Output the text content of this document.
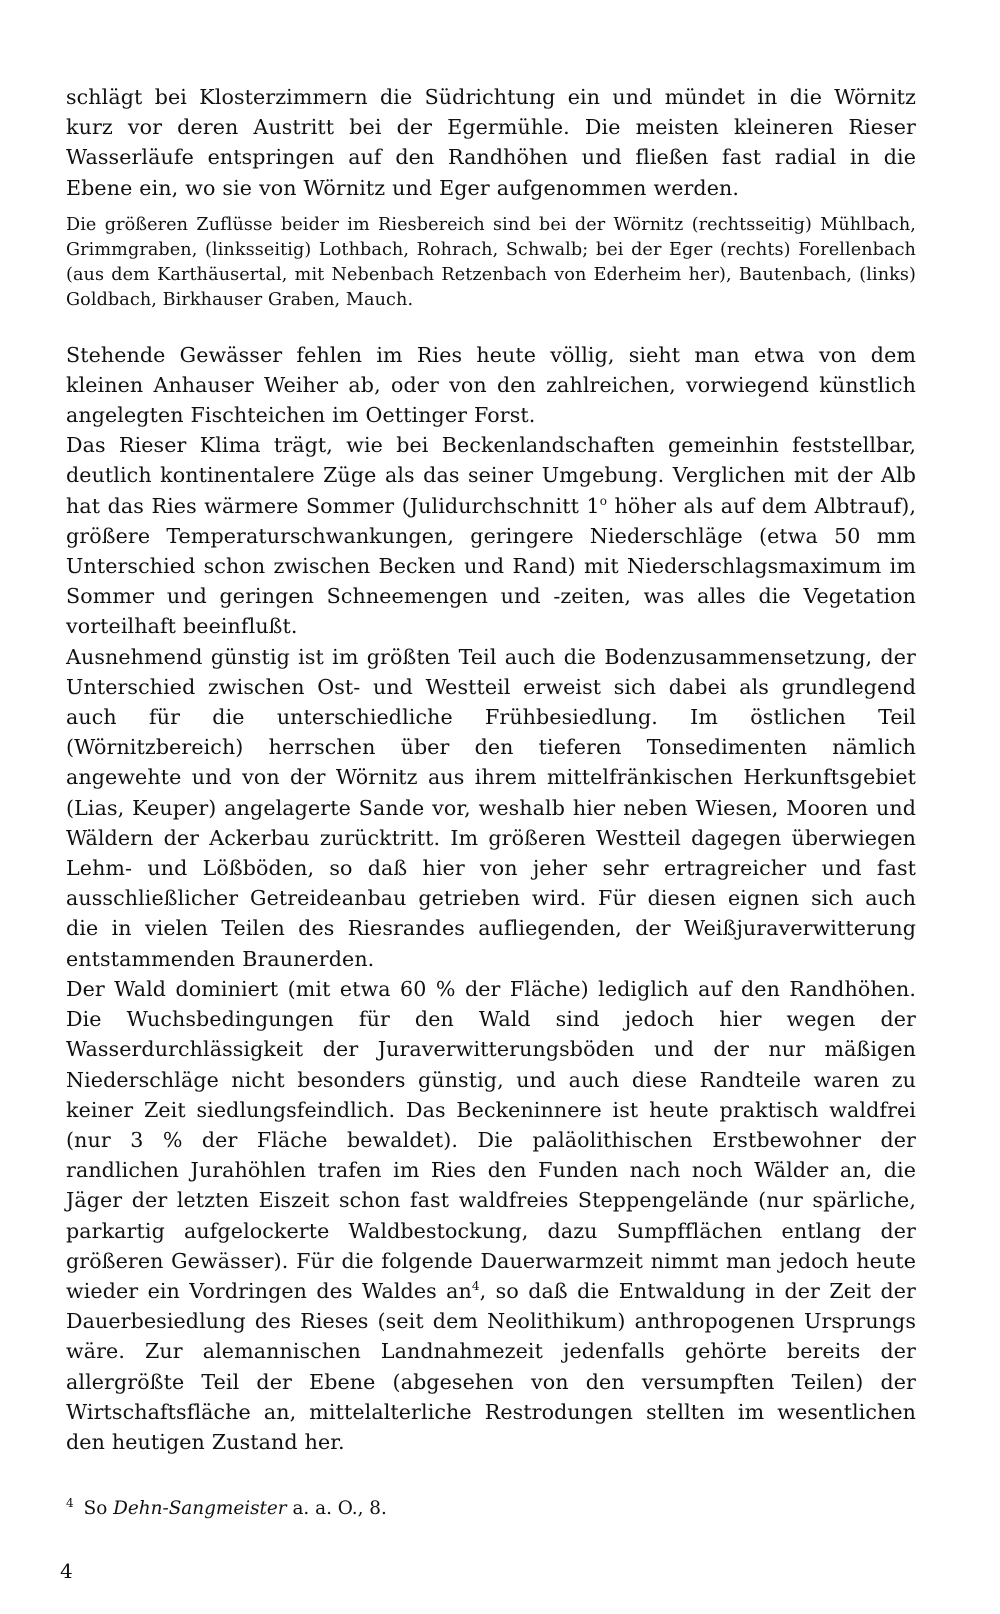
schlägt bei Klosterzimmern die Südrichtung ein und mündet in die Wörnitz kurz vor deren Austritt bei der Egermühle. Die meisten kleineren Rieser Wasserläufe entspringen auf den Randhöhen und fließen fast radial in die Ebene ein, wo sie von Wörnitz und Eger aufgenommen werden.

Die größeren Zuflüsse beider im Riesbereich sind bei der Wörnitz (rechtsseitig) Mühlbach, Grimmgraben, (linksseitig) Lothbach, Rohrach, Schwalb; bei der Eger (rechts) Forellenbach (aus dem Karthäusertal, mit Nebenbach Retzenbach von Ederheim her), Bautenbach, (links) Goldbach, Birkhauser Graben, Mauch.

Stehende Gewässer fehlen im Ries heute völlig, sieht man etwa von dem kleinen Anhauser Weiher ab, oder von den zahlreichen, vorwiegend künstlich angelegten Fischteichen im Oettinger Forst.

Das Rieser Klima trägt, wie bei Beckenlandschaften gemeinhin feststellbar, deutlich kontinentalere Züge als das seiner Umgebung. Verglichen mit der Alb hat das Ries wärmere Sommer (Julidurchschnitt 1$^o$ höher als auf dem Albtrauf), größere Temperaturschwankungen, geringere Niederschläge (etwa 50 mm Unterschied schon zwischen Becken und Rand) mit Niederschlagsmaximum im Sommer und geringen Schneemengen und -zeiten, was alles die Vegetation vorteilhaft beeinflußt.

Ausnehmend günstig ist im größten Teil auch die Bodenzusammensetzung, der Unterschied zwischen Ost- und Westteil erweist sich dabei als grundlegend auch für die unterschiedliche Frühbesiedlung. Im östlichen Teil (Wörnitzbereich) herrschen über den tieferen Tonsedimenten nämlich angewehte und von der Wörnitz aus ihrem mittelfränkischen Herkunftsgebiet (Lias, Keuper) angelagerte Sande vor, weshalb hier neben Wiesen, Mooren und Wäldern der Ackerbau zurücktritt. Im größeren Westteil dagegen überwiegen Lehm- und Lößböden, so daß hier von jeher sehr ertragreicher und fast ausschließlicher Getreideanbau getrieben wird. Für diesen eignen sich auch die in vielen Teilen des Riesrandes aufliegenden, der Weißjuraverwitterung entstammenden Braunerden.

Der Wald dominiert (mit etwa 60 % der Fläche) lediglich auf den Randhöhen. Die Wuchsbedingungen für den Wald sind jedoch hier wegen der Wasserdurchlässigkeit der Juraverwitterungsböden und der nur mäßigen Niederschläge nicht besonders günstig, und auch diese Randteile waren zu keiner Zeit siedlungsfeindlich. Das Beckeninnere ist heute praktisch waldfrei (nur 3 % der Fläche bewaldet). Die paläolithischen Erstbewohner der randlichen Jurahöhlen trafen im Ries den Funden nach noch Wälder an, die Jäger der letzten Eiszeit schon fast waldfreies Steppengelände (nur spärliche, parkartig aufgelockerte Waldbestockung, dazu Sumpfflächen entlang der größeren Gewässer). Für die folgende Dauerwarmzeit nimmt man jedoch heute wieder ein Vordringen des Waldes $an^4$, so daß die Entwaldung in der Zeit der Dauerbesiedlung des Rieses (seit dem Neolithikum) anthropogenen Ursprungs wäre. Zur alemannischen Landnahmezeit jedenfalls gehörte bereits der allergrößte Teil der Ebene (abgesehen von den versumpften Teilen) der Wirtschaftsfläche an, mittelalterliche Restrodungen stellten im wesentlichen den heutigen Zustand her.

$^4$ So Dehn-Sangmeister a. a. O., 8.
4
